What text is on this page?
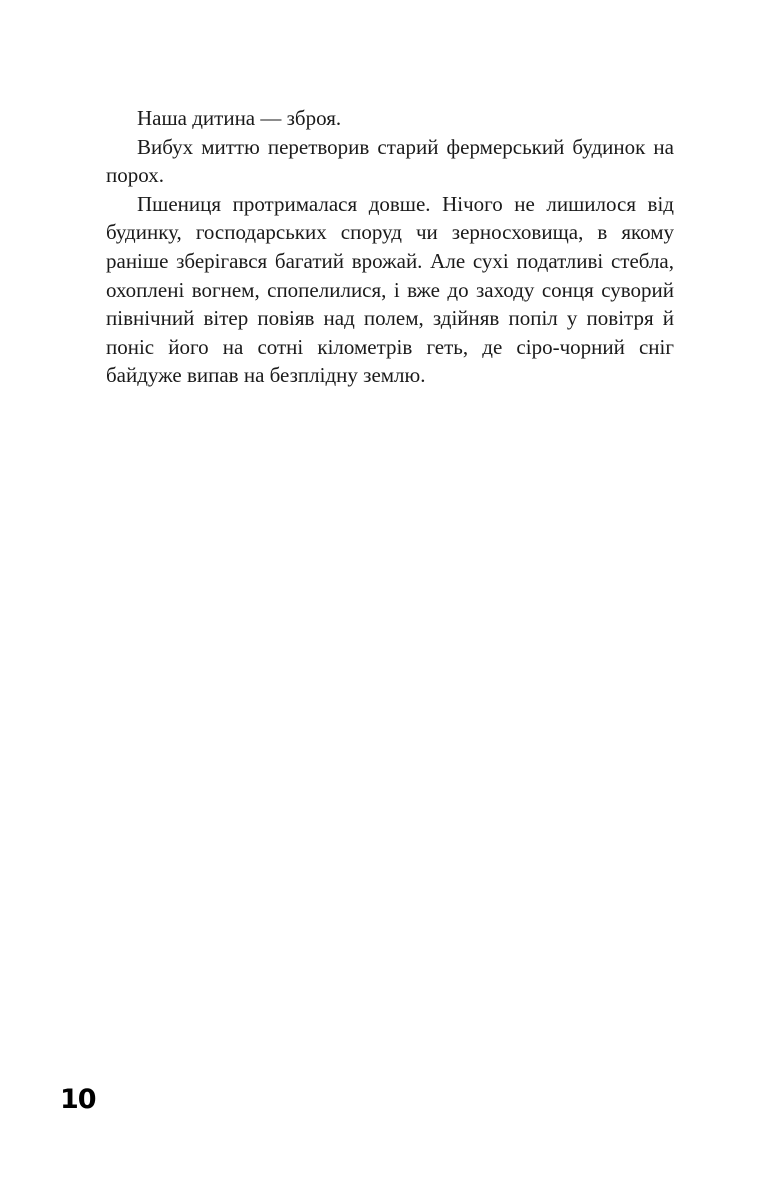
Наша дитина — зброя.

Вибух миттю перетворив старий фермерський будинок на порох.

Пшениця протрималася довше. Нічого не лишилося від будинку, господарських споруд чи зерносховища, в якому раніше зберігався багатий врожай. Але сухі податливі стебла, охоплені вогнем, спопелилися, і вже до заходу сонця суворий північний вітер повіяв над полем, здійняв попіл у повітря й поніс його на сотні кілометрів геть, де сіро-чорний сніг байдуже випав на безплідну землю.

10
